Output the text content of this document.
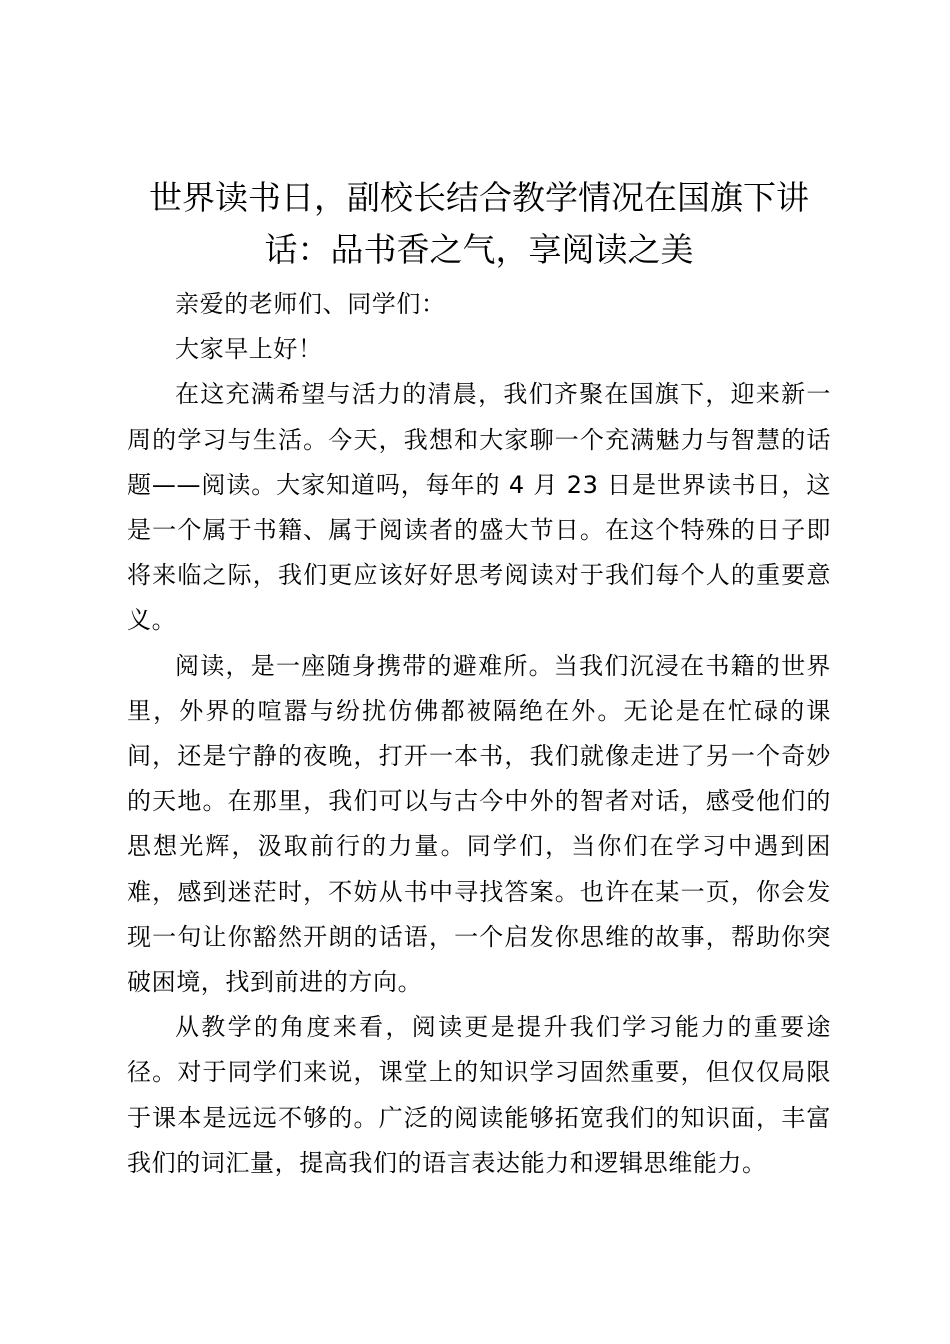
世界读书日，副校长结合教学情况在国旗下讲话：品书香之气，享阅读之美

亲爱的老师们、同学们：

大家早上好！

在这充满希望与活力的清晨，我们齐聚在国旗下，迎来新一周的学习与生活。今天，我想和大家聊一个充满魅力与智慧的话题——阅读。大家知道吗，每年的 4 月 23 日是世界读书日，这是一个属于书籍、属于阅读者的盛大节日。在这个特殊的日子即将来临之际，我们更应该好好思考阅读对于我们每个人的重要意义。

阅读，是一座随身携带的避难所。当我们沉浸在书籍的世界里，外界的喧嚣与纷扰仿佛都被隔绝在外。无论是在忙碌的课间，还是宁静的夜晚，打开一本书，我们就像走进了另一个奇妙的天地。在那里，我们可以与古今中外的智者对话，感受他们的思想光辉，汲取前行的力量。同学们，当你们在学习中遇到困难，感到迷茫时，不妨从书中寻找答案。也许在某一页，你会发现一句让你豁然开朗的话语，一个启发你思维的故事，帮助你突破困境，找到前进的方向。

从教学的角度来看，阅读更是提升我们学习能力的重要途径。对于同学们来说，课堂上的知识学习固然重要，但仅仅局限于课本是远远不够的。广泛的阅读能够拓宽我们的知识面，丰富我们的词汇量，提高我们的语言表达能力和逻辑思维能力。
